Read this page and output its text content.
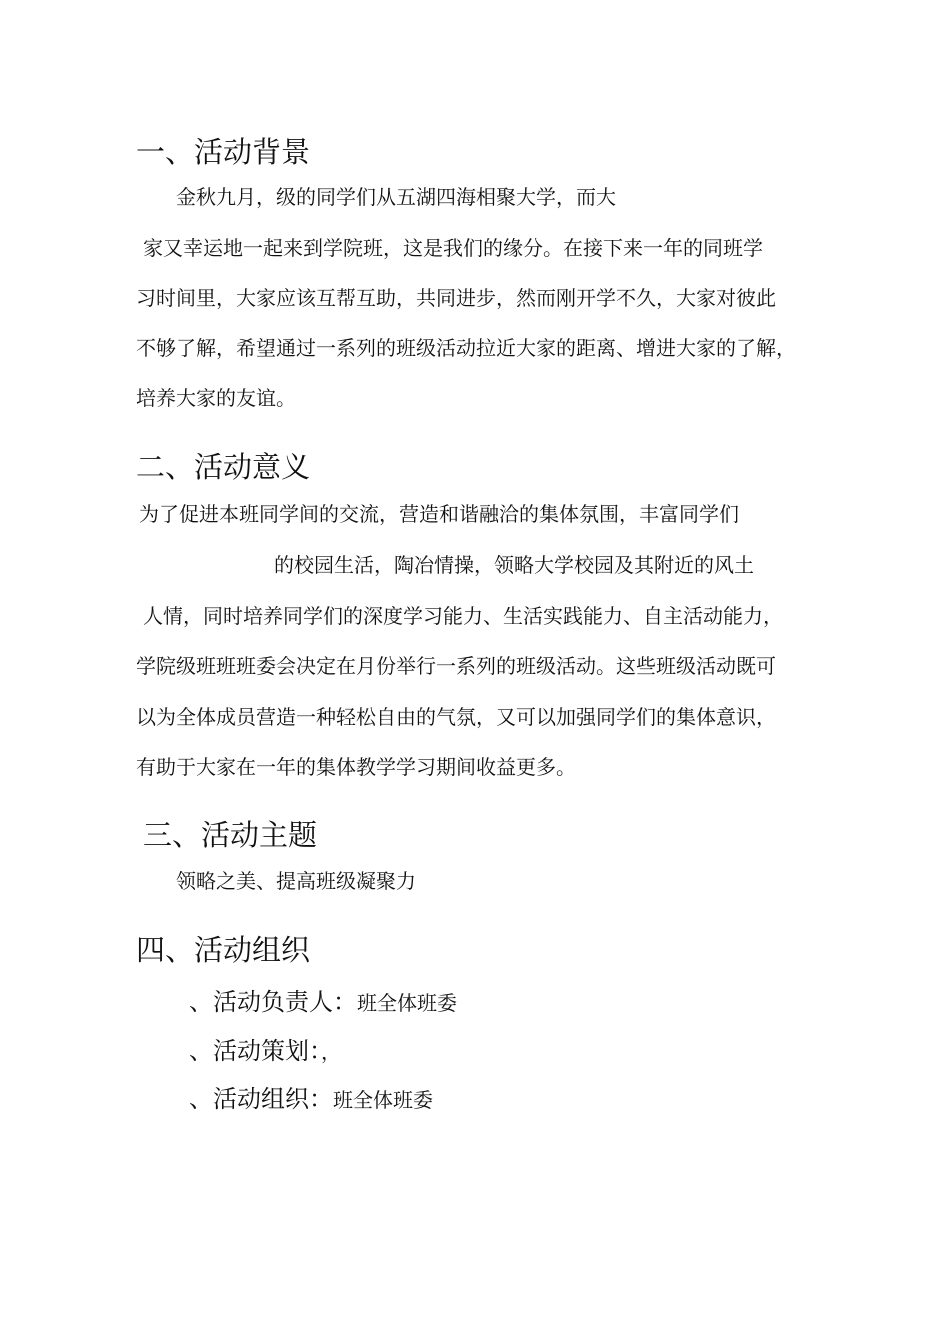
一、活动背景
金秋九月，级的同学们从五湖四海相聚大学，而大
家又幸运地一起来到学院班，这是我们的缘分。在接下来一年的同班学
习时间里，大家应该互帮互助，共同进步，然而刚开学不久，大家对彼此
不够了解，希望通过一系列的班级活动拉近大家的距离、增进大家的了解，
培养大家的友谊。
二、活动意义
为了促进本班同学间的交流，营造和谐融洽的集体氛围，丰富同学们
的校园生活，陶冶情操，领略大学校园及其附近的风土
人情，同时培养同学们的深度学习能力、生活实践能力、自主活动能力，
学院级班班班委会决定在月份举行一系列的班级活动。这些班级活动既可
以为全体成员营造一种轻松自由的气氛，又可以加强同学们的集体意识，
有助于大家在一年的集体教学学习期间收益更多。
三、活动主题
领略之美、提高班级凝聚力
四、活动组织
、活动负责人：班全体班委
、活动策划：，
、活动组织：班全体班委
